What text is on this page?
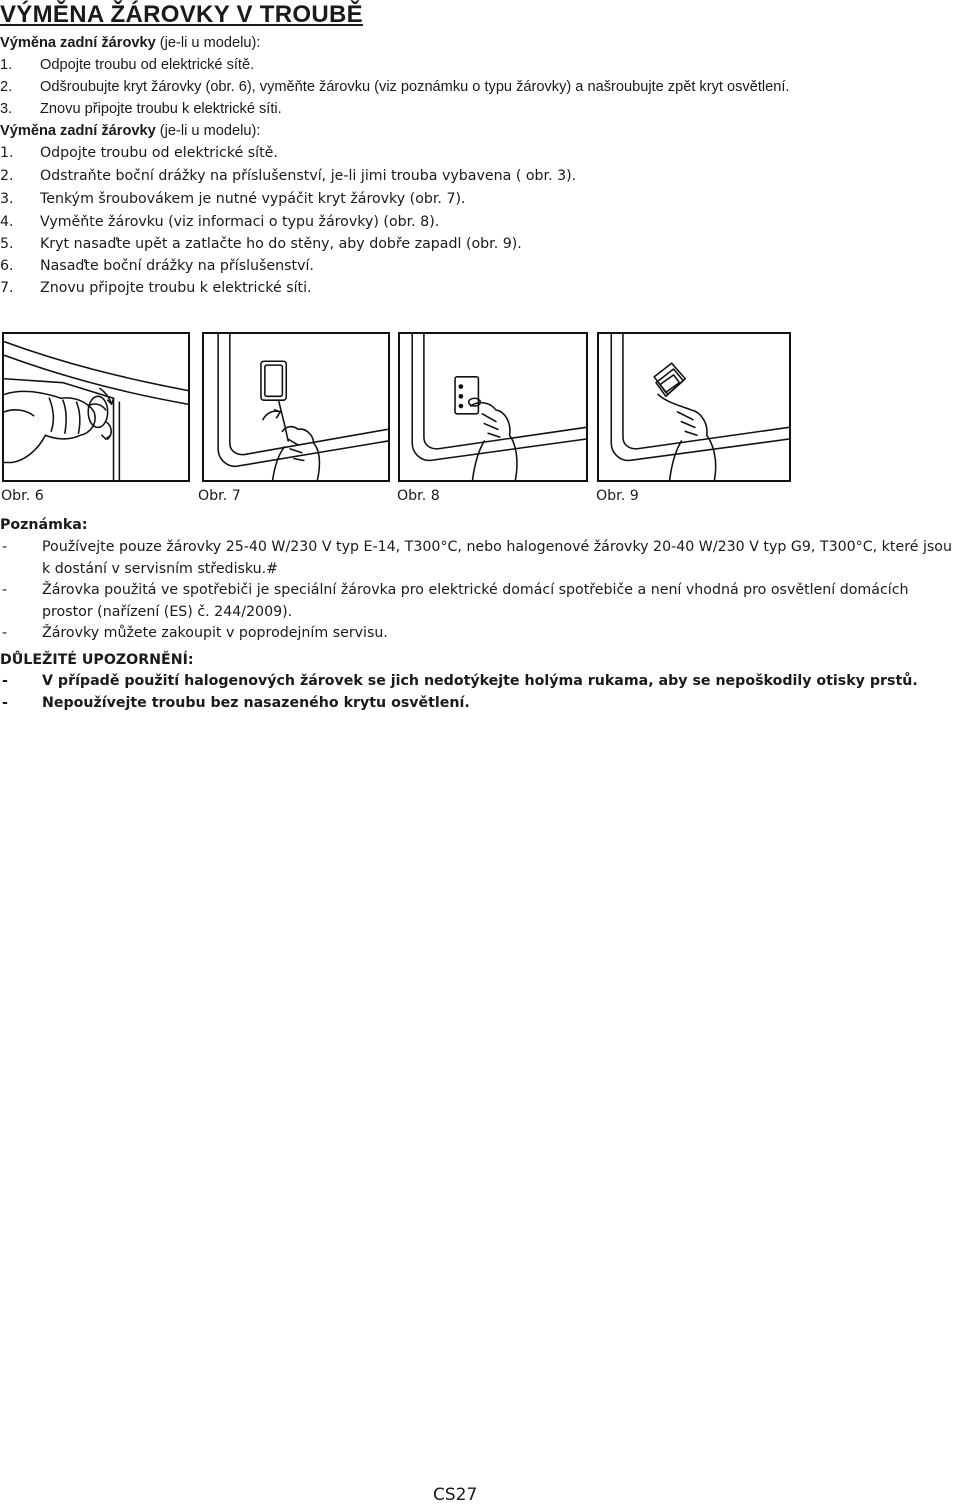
VÝMĚNA ŽÁROVKY V TROUBĚ
Výměna zadní žárovky (je-li u modelu):
1. Odpojte troubu od elektrické sítě.
2. Odšroubujte kryt žárovky (obr. 6), vyměňte žárovku (viz poznámku o typu žárovky) a našroubujte zpět kryt osvětlení.
3. Znovu připojte troubu k elektrické síti.
Výměna zadní žárovky (je-li u modelu):
1. Odpojte troubu od elektrické sítě.
2. Odstraňte boční drážky na příslušenství, je-li jimi trouba vybavena ( obr. 3).
3. Tenkým šroubovákem je nutné vypáčit kryt žárovky (obr. 7).
4. Vyměňte žárovku (viz informaci o typu žárovky) (obr. 8).
5. Kryt nasaďte upět a zatlačte ho do stěny, aby dobře zapadl (obr. 9).
6. Nasaďte boční drážky na příslušenství.
7. Znovu připojte troubu k elektrické síti.
Obr. 6	Obr. 7	Obr. 8	Obr. 9
Poznámka:
- Používejte pouze žárovky 25-40 W/230 V typ E-14, T300°C, nebo halogenové žárovky 20-40 W/230 V typ G9, T300°C, které jsou k dostání v servisním středisku.#
- Žárovka použitá ve spotřebiči je speciální žárovka pro elektrické domácí spotřebiče a není vhodná pro osvětlení domácích prostor (nařízení (ES) č. 244/2009).
- Žárovky můžete zakoupit v poprodejním servisu.
DŮLEŽITÉ UPOZORNĚNÍ:
- V případě použití halogenových žárovek se jich nedotýkejte holýma rukama, aby se nepoškodily otisky prstů.
- Nepoužívejte troubu bez nasazeného krytu osvětlení.
CS27
